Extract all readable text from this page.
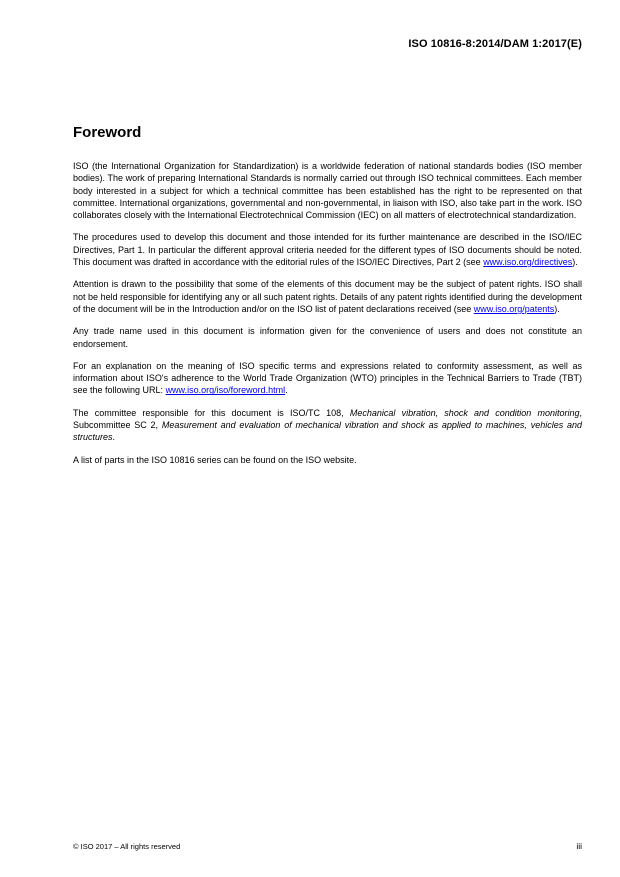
ISO 10816-8:2014/DAM 1:2017(E)
Foreword

ISO (the International Organization for Standardization) is a worldwide federation of national standards bodies (ISO member bodies). The work of preparing International Standards is normally carried out through ISO technical committees. Each member body interested in a subject for which a technical committee has been established has the right to be represented on that committee. International organizations, governmental and non-governmental, in liaison with ISO, also take part in the work. ISO collaborates closely with the International Electrotechnical Commission (IEC) on all matters of electrotechnical standardization.

The procedures used to develop this document and those intended for its further maintenance are described in the ISO/IEC Directives, Part 1. In particular the different approval criteria needed for the different types of ISO documents should be noted. This document was drafted in accordance with the editorial rules of the ISO/IEC Directives, Part 2 (see www.iso.org/directives).

Attention is drawn to the possibility that some of the elements of this document may be the subject of patent rights. ISO shall not be held responsible for identifying any or all such patent rights. Details of any patent rights identified during the development of the document will be in the Introduction and/or on the ISO list of patent declarations received (see www.iso.org/patents).

Any trade name used in this document is information given for the convenience of users and does not constitute an endorsement.

For an explanation on the meaning of ISO specific terms and expressions related to conformity assessment, as well as information about ISO's adherence to the World Trade Organization (WTO) principles in the Technical Barriers to Trade (TBT) see the following URL: www.iso.org/iso/foreword.html.

The committee responsible for this document is ISO/TC 108, Mechanical vibration, shock and condition monitoring, Subcommittee SC 2, Measurement and evaluation of mechanical vibration and shock as applied to machines, vehicles and structures.

A list of parts in the ISO 10816 series can be found on the ISO website.

© ISO 2017 – All rights reserved	iii
